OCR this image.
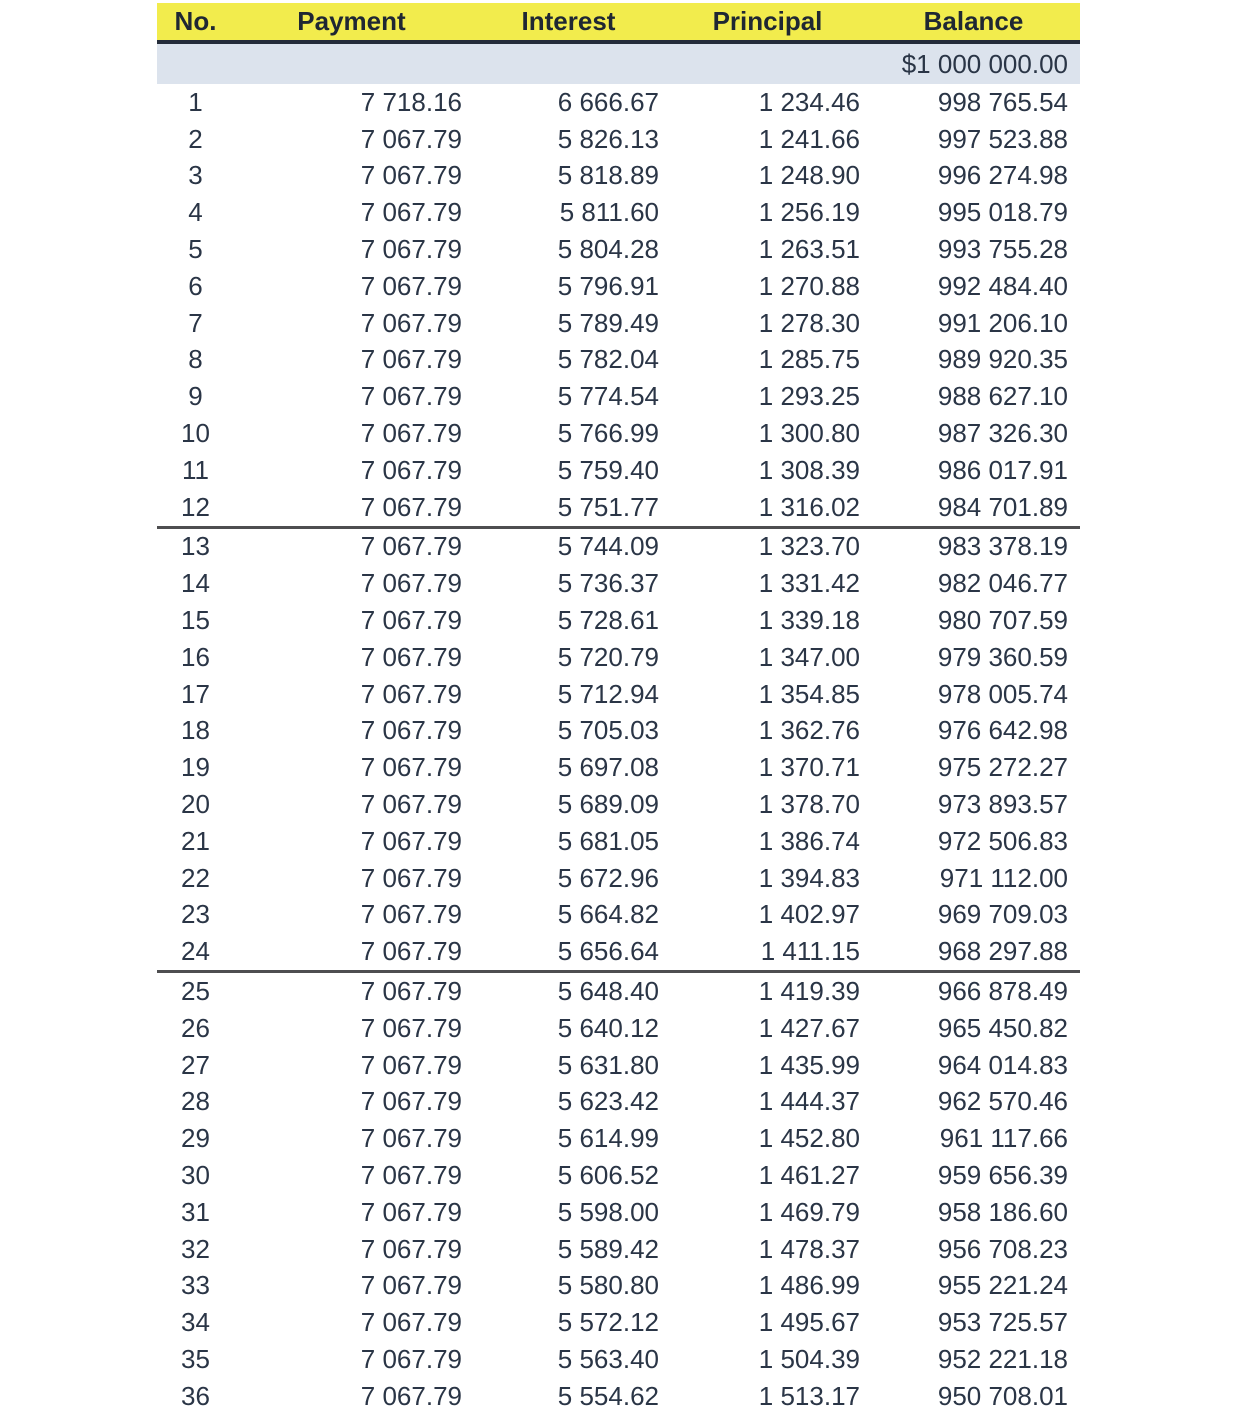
No.	Payment	Interest	Principal	Balance
				$1 000 000.00
1	7 718.16	6 666.67	1 234.46	998 765.54
2	7 067.79	5 826.13	1 241.66	997 523.88
3	7 067.79	5 818.89	1 248.90	996 274.98
4	7 067.79	5 811.60	1 256.19	995 018.79
5	7 067.79	5 804.28	1 263.51	993 755.28
6	7 067.79	5 796.91	1 270.88	992 484.40
7	7 067.79	5 789.49	1 278.30	991 206.10
8	7 067.79	5 782.04	1 285.75	989 920.35
9	7 067.79	5 774.54	1 293.25	988 627.10
10	7 067.79	5 766.99	1 300.80	987 326.30
11	7 067.79	5 759.40	1 308.39	986 017.91
12	7 067.79	5 751.77	1 316.02	984 701.89
13	7 067.79	5 744.09	1 323.70	983 378.19
14	7 067.79	5 736.37	1 331.42	982 046.77
15	7 067.79	5 728.61	1 339.18	980 707.59
16	7 067.79	5 720.79	1 347.00	979 360.59
17	7 067.79	5 712.94	1 354.85	978 005.74
18	7 067.79	5 705.03	1 362.76	976 642.98
19	7 067.79	5 697.08	1 370.71	975 272.27
20	7 067.79	5 689.09	1 378.70	973 893.57
21	7 067.79	5 681.05	1 386.74	972 506.83
22	7 067.79	5 672.96	1 394.83	971 112.00
23	7 067.79	5 664.82	1 402.97	969 709.03
24	7 067.79	5 656.64	1 411.15	968 297.88
25	7 067.79	5 648.40	1 419.39	966 878.49
26	7 067.79	5 640.12	1 427.67	965 450.82
27	7 067.79	5 631.80	1 435.99	964 014.83
28	7 067.79	5 623.42	1 444.37	962 570.46
29	7 067.79	5 614.99	1 452.80	961 117.66
30	7 067.79	5 606.52	1 461.27	959 656.39
31	7 067.79	5 598.00	1 469.79	958 186.60
32	7 067.79	5 589.42	1 478.37	956 708.23
33	7 067.79	5 580.80	1 486.99	955 221.24
34	7 067.79	5 572.12	1 495.67	953 725.57
35	7 067.79	5 563.40	1 504.39	952 221.18
36	7 067.79	5 554.62	1 513.17	950 708.01
